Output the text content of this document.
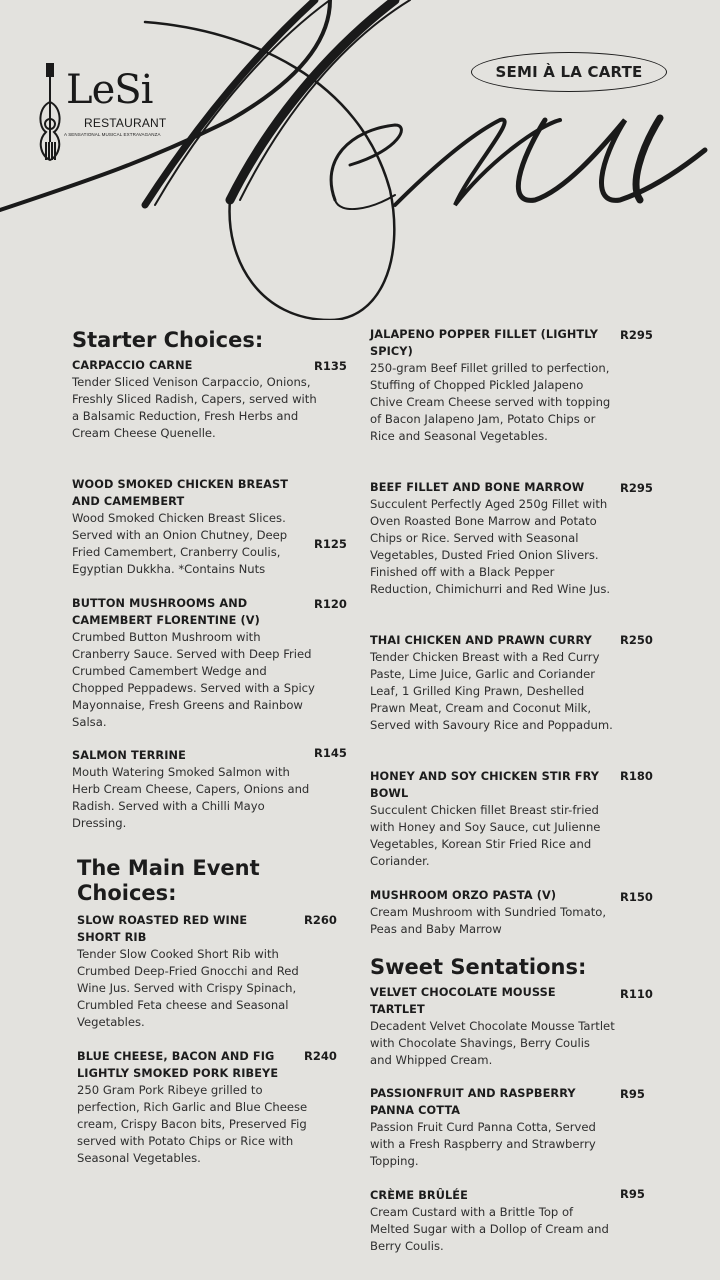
LeSi
RESTAURANT
A SENSATIONAL MUSICAL EXTRAVAGANZA
SEMI À LA CARTE
Starter Choices:
The Main Event Choices:
Sweet Sentations:
CARPACCIO CARNE
Tender Sliced Venison Carpaccio, Onions, Freshly Sliced Radish, Capers, served with a Balsamic Reduction, Fresh Herbs and Cream Cheese Quenelle.
R135
WOOD SMOKED CHICKEN BREAST AND CAMEMBERT
Wood Smoked Chicken Breast Slices. Served with an Onion Chutney, Deep Fried Camembert, Cranberry Coulis, Egyptian Dukkha. *Contains Nuts
R125
BUTTON MUSHROOMS AND CAMEMBERT FLORENTINE (V)
Crumbed Button Mushroom with Cranberry Sauce. Served with Deep Fried Crumbed Camembert Wedge and Chopped Peppadews. Served with a Spicy Mayonnaise, Fresh Greens and Rainbow Salsa.
R120
SALMON TERRINE
Mouth Watering Smoked Salmon with Herb Cream Cheese, Capers, Onions and Radish. Served with a Chilli Mayo Dressing.
R145
SLOW ROASTED RED WINE SHORT RIB
Tender Slow Cooked Short Rib with Crumbed Deep-Fried Gnocchi and Red Wine Jus. Served with Crispy Spinach, Crumbled Feta cheese and Seasonal Vegetables.
R260
BLUE CHEESE, BACON AND FIG LIGHTLY SMOKED PORK RIBEYE
250 Gram Pork Ribeye grilled to perfection, Rich Garlic and Blue Cheese cream, Crispy Bacon bits, Preserved Fig served with Potato Chips or Rice with Seasonal Vegetables.
R240
JALAPENO POPPER FILLET (LIGHTLY SPICY)
250-gram Beef Fillet grilled to perfection, Stuffing of Chopped Pickled Jalapeno Chive Cream Cheese served with topping of Bacon Jalapeno Jam, Potato Chips or Rice and Seasonal Vegetables.
R295
BEEF FILLET AND BONE MARROW
Succulent Perfectly Aged 250g Fillet with Oven Roasted Bone Marrow and Potato Chips or Rice. Served with Seasonal Vegetables, Dusted Fried Onion Slivers. Finished off with a Black Pepper Reduction, Chimichurri and Red Wine Jus.
R295
THAI CHICKEN AND PRAWN CURRY
Tender Chicken Breast with a Red Curry Paste, Lime Juice, Garlic and Coriander Leaf, 1 Grilled King Prawn, Deshelled Prawn Meat, Cream and Coconut Milk, Served with Savoury Rice and Poppadum.
R250
HONEY AND SOY CHICKEN STIR FRY BOWL
Succulent Chicken fillet Breast stir-fried with Honey and Soy Sauce, cut Julienne Vegetables, Korean Stir Fried Rice and Coriander.
R180
MUSHROOM ORZO PASTA (V)
Cream Mushroom with Sundried Tomato, Peas and Baby Marrow
R150
VELVET CHOCOLATE MOUSSE TARTLET
Decadent Velvet Chocolate Mousse Tartlet with Chocolate Shavings, Berry Coulis and Whipped Cream.
R110
PASSIONFRUIT AND RASPBERRY PANNA COTTA
Passion Fruit Curd Panna Cotta, Served with a Fresh Raspberry and Strawberry Topping.
R95
CRÈME BRÛLÉE
Cream Custard with a Brittle Top of Melted Sugar with a Dollop of Cream and Berry Coulis.
R95
